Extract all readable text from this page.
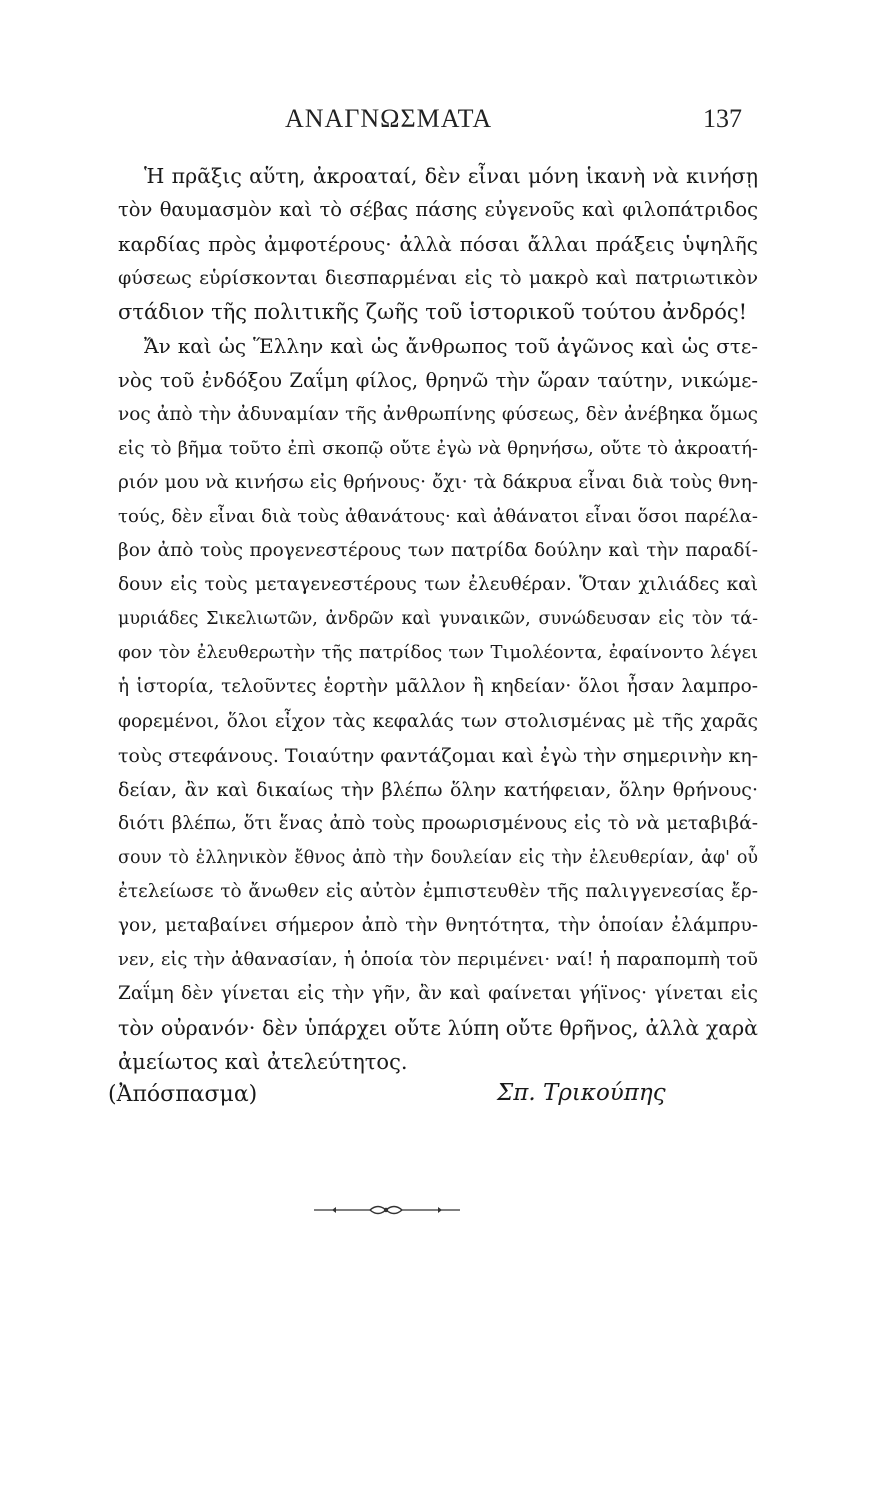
ΑΝΑΓΝΩΣΜΑΤΑ	137
Ἡ πρᾶξις αὕτη, ἀκροαταί, δὲν εἶναι μόνη ἱκανὴ νὰ κινήσῃ
τὸν θαυμασμὸν καὶ τὸ σέβας πάσης εὐγενοῦς καὶ φιλοπάτριδος
καρδίας πρὸς ἀμφοτέρους· ἀλλὰ πόσαι ἄλλαι πράξεις ὑψηλῆς
φύσεως εὑρίσκονται διεσπαρμέναι εἰς τὸ μακρὸ καὶ πατριωτικὸν
στάδιον τῆς πολιτικῆς ζωῆς τοῦ ἱστορικοῦ τούτου ἀνδρός!
Ἄν καὶ ὡς Ἕλλην καὶ ὡς ἄνθρωπος τοῦ ἀγῶνος καὶ ὡς στε-
νὸς τοῦ ἐνδόξου Ζαΐμη φίλος, θρηνῶ τὴν ὥραν ταύτην, νικώμε-
νος ἀπὸ τὴν ἀδυναμίαν τῆς ἀνθρωπίνης φύσεως, δὲν ἀνέβηκα ὅμως
εἰς τὸ βῆμα τοῦτο ἐπὶ σκοπῷ οὔτε ἐγὼ νὰ θρηνήσω, οὔτε τὸ ἀκροατή-
ριόν μου νὰ κινήσω εἰς θρήνους· ὄχι· τὰ δάκρυα εἶναι διὰ τοὺς θνη-
τούς, δὲν εἶναι διὰ τοὺς ἀθανάτους· καὶ ἀθάνατοι εἶναι ὅσοι παρέλα-
βον ἀπὸ τοὺς προγενεστέρους των πατρίδα δούλην καὶ τὴν παραδί-
δουν εἰς τοὺς μεταγενεστέρους των ἐλευθέραν. Ὅταν χιλιάδες καὶ
μυριάδες Σικελιωτῶν, ἀνδρῶν καὶ γυναικῶν, συνώδευσαν εἰς τὸν τά-
φον τὸν ἐλευθερωτὴν τῆς πατρίδος των Τιμολέοντα, ἐφαίνοντο λέγει
ἡ ἱστορία, τελοῦντες ἑορτὴν μᾶλλον ἢ κηδείαν· ὅλοι ἦσαν λαμπρο-
φορεμένοι, ὅλοι εἶχον τὰς κεφαλάς των στολισμένας μὲ τῆς χαρᾶς
τοὺς στεφάνους. Τοιαύτην φαντάζομαι καὶ ἐγὼ τὴν σημερινὴν κη-
δείαν, ἂν καὶ δικαίως τὴν βλέπω ὅλην κατήφειαν, ὅλην θρήνους·
διότι βλέπω, ὅτι ἕνας ἀπὸ τοὺς προωρισμένους εἰς τὸ νὰ μεταβιβά-
σουν τὸ ἑλληνικὸν ἔθνος ἀπὸ τὴν δουλείαν εἰς τὴν ἐλευθερίαν, ἀφ' οὗ
ἐτελείωσε τὸ ἄνωθεν εἰς αὐτὸν ἐμπιστευθὲν τῆς παλιγγενεσίας ἔρ-
γον, μεταβαίνει σήμερον ἀπὸ τὴν θνητότητα, τὴν ὁποίαν ἐλάμπρυ-
νεν, εἰς τὴν ἀθανασίαν, ἡ ὁποία τὸν περιμένει· ναί! ἡ παραπομπὴ τοῦ
Ζαΐμη δὲν γίνεται εἰς τὴν γῆν, ἂν καὶ φαίνεται γήϊνος· γίνεται εἰς
τὸν οὐρανόν· δὲν ὑπάρχει οὔτε λύπη οὔτε θρῆνος, ἀλλὰ χαρὰ
ἀμείωτος καὶ ἀτελεύτητος.
(Ἀπόσπασμα)	Σπ. Τρικούπης
